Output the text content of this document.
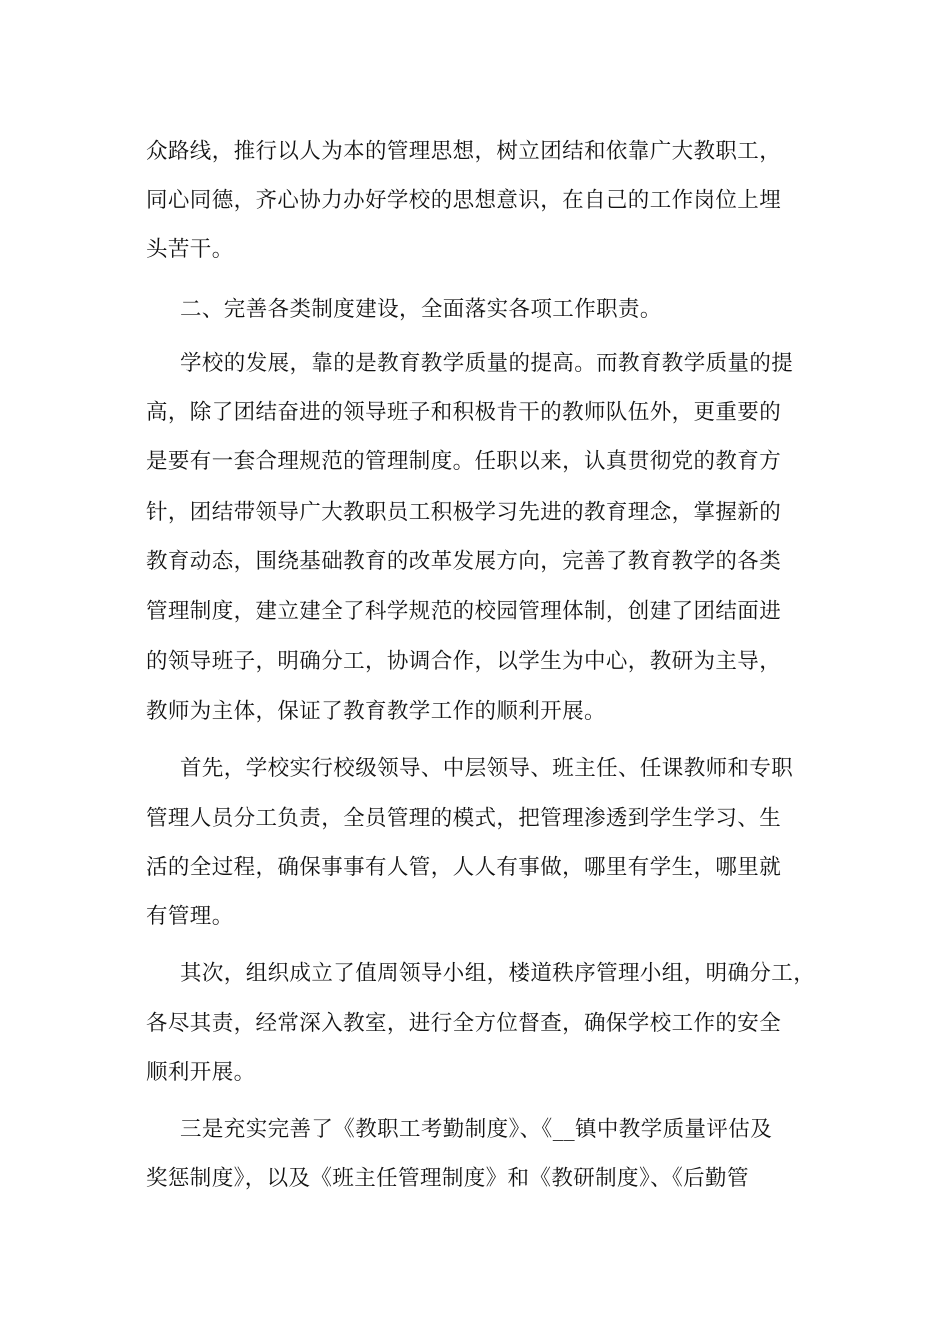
众路线，推行以人为本的管理思想，树立团结和依靠广大教职工，
同心同德，齐心协力办好学校的思想意识，在自己的工作岗位上埋
头苦干。
二、完善各类制度建设，全面落实各项工作职责。
学校的发展，靠的是教育教学质量的提高。而教育教学质量的提
高，除了团结奋进的领导班子和积极肯干的教师队伍外，更重要的
是要有一套合理规范的管理制度。任职以来，认真贯彻党的教育方
针，团结带领导广大教职员工积极学习先进的教育理念，掌握新的
教育动态，围绕基础教育的改革发展方向，完善了教育教学的各类
管理制度，建立建全了科学规范的校园管理体制，创建了团结面进
的领导班子，明确分工，协调合作，以学生为中心，教研为主导，
教师为主体，保证了教育教学工作的顺利开展。
首先，学校实行校级领导、中层领导、班主任、任课教师和专职
管理人员分工负责，全员管理的模式，把管理渗透到学生学习、生
活的全过程，确保事事有人管，人人有事做，哪里有学生，哪里就
有管理。
其次，组织成立了值周领导小组，楼道秩序管理小组，明确分工，
各尽其责，经常深入教室，进行全方位督查，确保学校工作的安全
顺利开展。
三是充实完善了《教职工考勤制度》、《__镇中教学质量评估及
奖惩制度》，以及《班主任管理制度》和《教研制度》、《后勤管
